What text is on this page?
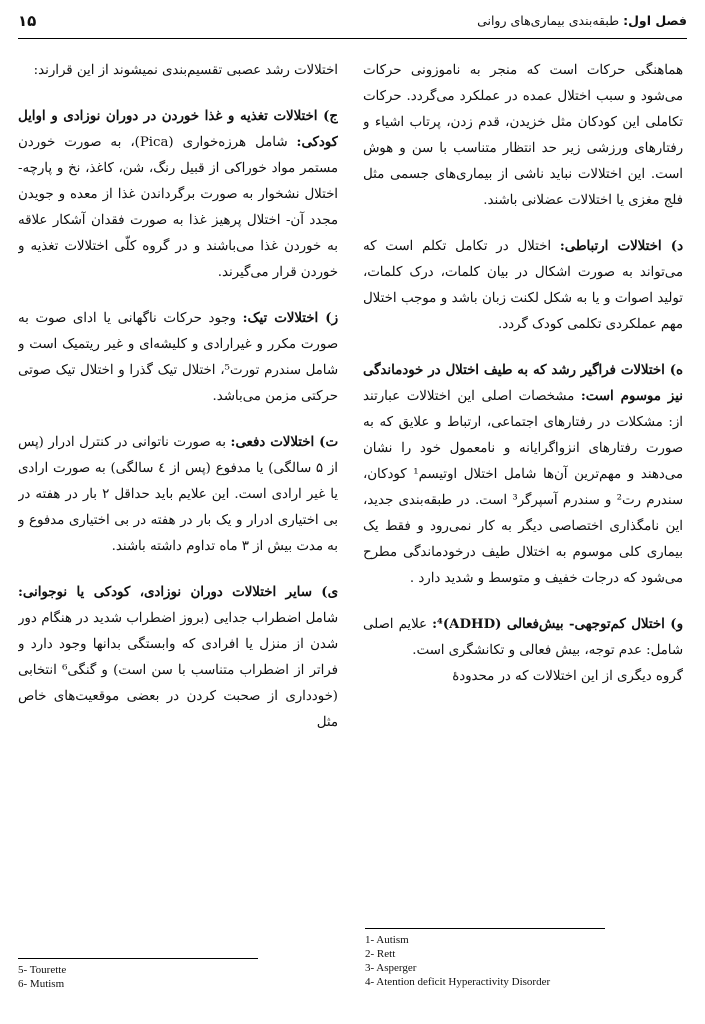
۱۵	فصل اول: طبقه‌بندی بیماری‌های روانی

هماهنگی حرکات است که منجر به ناموزونی حرکات می‌شود و سبب اختلال عمده در عملکرد می‌گردد. حرکات تکاملی این کودکان مثل خزیدن، قدم زدن، پرتاب اشیاء و رفتارهای ورزشی زیر حد انتظار متناسب با سن و هوش است. این اختلالات نباید ناشی از بیماری‌های جسمی مثل فلج مغزی یا اختلالات عضلانی باشند.

د) اختلالات ارتباطی: اختلال در تکامل تکلم است که می‌تواند به صورت اشکال در بیان کلمات، درک کلمات، تولید اصوات و یا به شکل لکنت زبان باشد و موجب اختلال مهم عملکردی تکلمی کودک گردد.

ه) اختلالات فراگیر رشد که به طیف اختلال در خودماندگی نیز موسوم است: مشخصات اصلی این اختلالات عبارتند از: مشکلات در رفتارهای اجتماعی، ارتباط و علایق که به صورت رفتارهای انزواگرایانه و نامعمول خود را نشان می‌دهند و مهم‌ترین آن‌ها شامل اختلال اوتیسم¹ کودکان، سندرم رت² و سندرم آسپرگر³ است. در طبقه‌بندی جدید، این نامگذاری اختصاصی دیگر به کار نمی‌رود و فقط یک بیماری کلی موسوم به اختلال طیف درخودماندگی مطرح می‌شود که درجات خفیف و متوسط و شدید دارد .

و) اختلال کم‌توجهی- بیش‌فعالی (ADHD)⁴: علایم اصلی شامل: عدم توجه، بیش فعالی و تکانشگری است.

گروه دیگری از این اختلالات که در محدودهٔ

اختلالات رشد عصبی تقسیم‌بندی نمیشوند از این قرارند:

ج) اختلالات تغذیه و غذا خوردن در دوران نوزادی و اوایل کودکی: شامل هرزه‌خواری (Pica)، به صورت خوردن مستمر مواد خوراکی از قبیل رنگ، شن، کاغذ، نخ و پارچه- اختلال نشخوار به صورت برگرداندن غذا از معده و جویدن مجدد آن- اختلال پرهیز غذا به صورت فقدان آشکار علاقه به خوردن غذا می‌باشند و در گروه کلّی اختلالات تغذیه و خوردن قرار می‌گیرند.

ز) اختلالات تیک: وجود حرکات ناگهانی یا ادای صوت به صورت مکرر و غیرارادی و کلیشه‌ای و غیر ریتمیک است و شامل سندرم تورت⁵، اختلال تیک گذرا و اختلال تیک صوتی حرکتی مزمن می‌باشد.

ت) اختلالات دفعی: به صورت ناتوانی در کنترل ادرار (پس از ۵ سالگی) یا مدفوع (پس از ٤ سالگی) به صورت ارادی یا غیر ارادی است. این علایم باید حداقل ۲ بار در هفته در بی اختیاری ادرار و یک بار در هفته در بی اختیاری مدفوع و به مدت بیش از ۳ ماه تداوم داشته باشند.

ی) سایر اختلالات دوران نوزادی، کودکی یا نوجوانی: شامل اضطراب جدایی (بروز اضطراب شدید در هنگام دور شدن از منزل یا افرادی که وابستگی بدانها وجود دارد و فراتر از اضطراب متناسب با سن است) و گنگی⁶ انتخابی (خودداری از صحبت کردن در بعضی موقعیت‌های خاص مثل

1- Autism
2- Rett
3- Asperger
4- Atention deficit Hyperactivity Disorder
5- Tourette
6- Mutism
